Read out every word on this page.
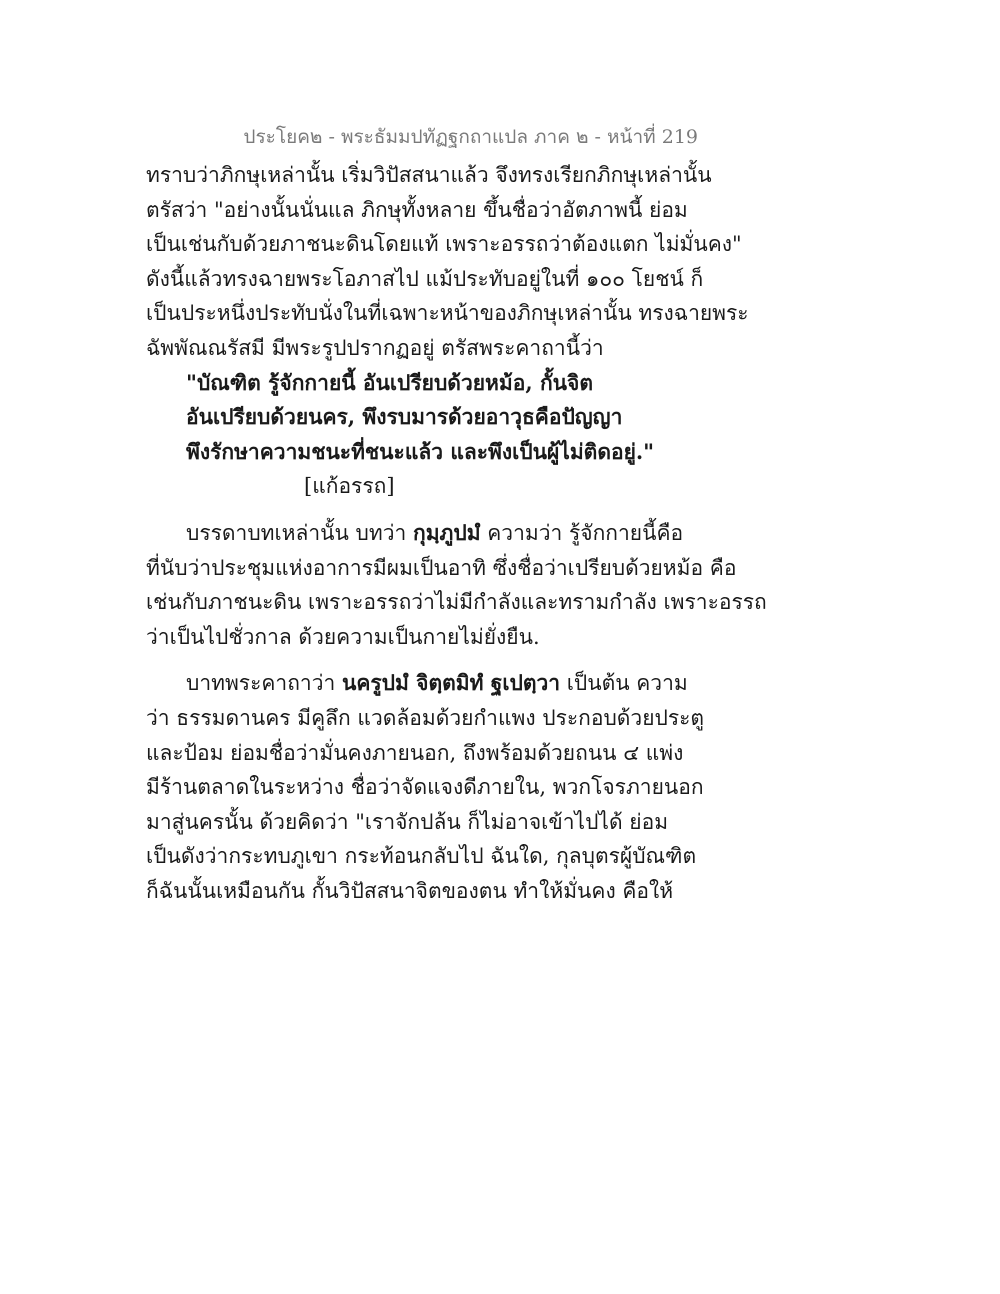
ประโยค๒ - พระธัมมปทัฏฐกถาแปล ภาค ๒ - หน้าที่ 219
ทราบว่าภิกษุเหล่านั้น เริ่มวิปัสสนาแล้ว จึงทรงเรียกภิกษุเหล่านั้น
ตรัสว่า "อย่างนั้นนั่นแล ภิกษุทั้งหลาย ขึ้นชื่อว่าอัตภาพนี้ ย่อม
เป็นเช่นกับด้วยภาชนะดินโดยแท้ เพราะอรรถว่าต้องแตก ไม่มั่นคง"
ดังนี้แล้วทรงฉายพระโอภาสไป แม้ประทับอยู่ในที่ ๑๐๐ โยชน์ ก็
เป็นประหนึ่งประทับนั่งในที่เฉพาะหน้าของภิกษุเหล่านั้น ทรงฉายพระ
ฉัพพัณณรัสมี มีพระรูปปรากฏอยู่ ตรัสพระคาถานี้ว่า
"บัณฑิต รู้จักกายนี้ อันเปรียบด้วยหม้อ, กั้นจิต
อันเปรียบด้วยนคร, พึงรบมารด้วยอาวุธคือปัญญา
พึงรักษาความชนะที่ชนะแล้ว และพึงเป็นผู้ไม่ติดอยู่."
[แก้อรรถ]
บรรดาบทเหล่านั้น บทว่า กุมฺภูปมํ ความว่า รู้จักกายนี้คือ
ที่นับว่าประชุมแห่งอาการมีผมเป็นอาทิ ซึ่งชื่อว่าเปรียบด้วยหม้อ คือ
เช่นกับภาชนะดิน เพราะอรรถว่าไม่มีกำลังและทรามกำลัง เพราะอรรถ
ว่าเป็นไปชั่วกาล ด้วยความเป็นกายไม่ยั่งยืน.
บาทพระคาถาว่า นครูปมํ จิตฺตมิทํ ฐเปตฺวา เป็นต้น ความ
ว่า ธรรมดานคร มีคูลึก แวดล้อมด้วยกำแพง ประกอบด้วยประตู
และป้อม ย่อมชื่อว่ามั่นคงภายนอก, ถึงพร้อมด้วยถนน ๔ แพ่ง
มีร้านตลาดในระหว่าง ชื่อว่าจัดแจงดีภายใน, พวกโจรภายนอก
มาสู่นครนั้น ด้วยคิดว่า "เราจักปล้น ก็ไม่อาจเข้าไปได้ ย่อม
เป็นดังว่ากระทบภูเขา กระท้อนกลับไป ฉันใด, กุลบุตรผู้บัณฑิต
ก็ฉันนั้นเหมือนกัน กั้นวิปัสสนาจิตของตน ทำให้มั่นคง คือให้
